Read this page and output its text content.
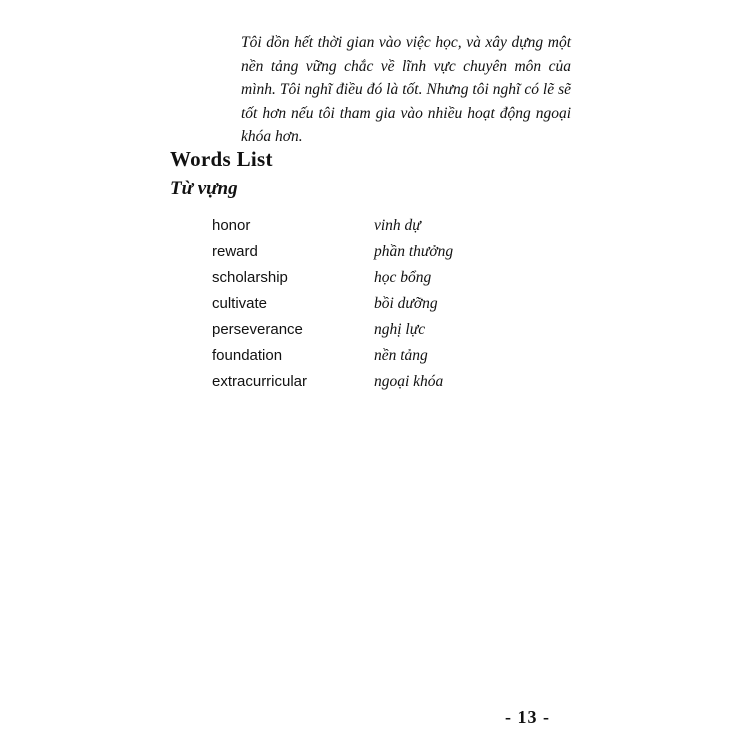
Tôi dồn hết thời gian vào việc học, và xây dựng một nền tảng vững chắc về lĩnh vực chuyên môn của mình. Tôi nghĩ điều đó là tốt. Nhưng tôi nghĩ có lẽ sẽ tốt hơn nếu tôi tham gia vào nhiều hoạt động ngoại khóa hơn.

Words List
Từ vựng
honor	vinh dự
reward	phần thưởng
scholarship	học bổng
cultivate	bồi dưỡng
perseverance	nghị lực
foundation	nền tảng
extracurricular	ngoại khóa

- 13 -
